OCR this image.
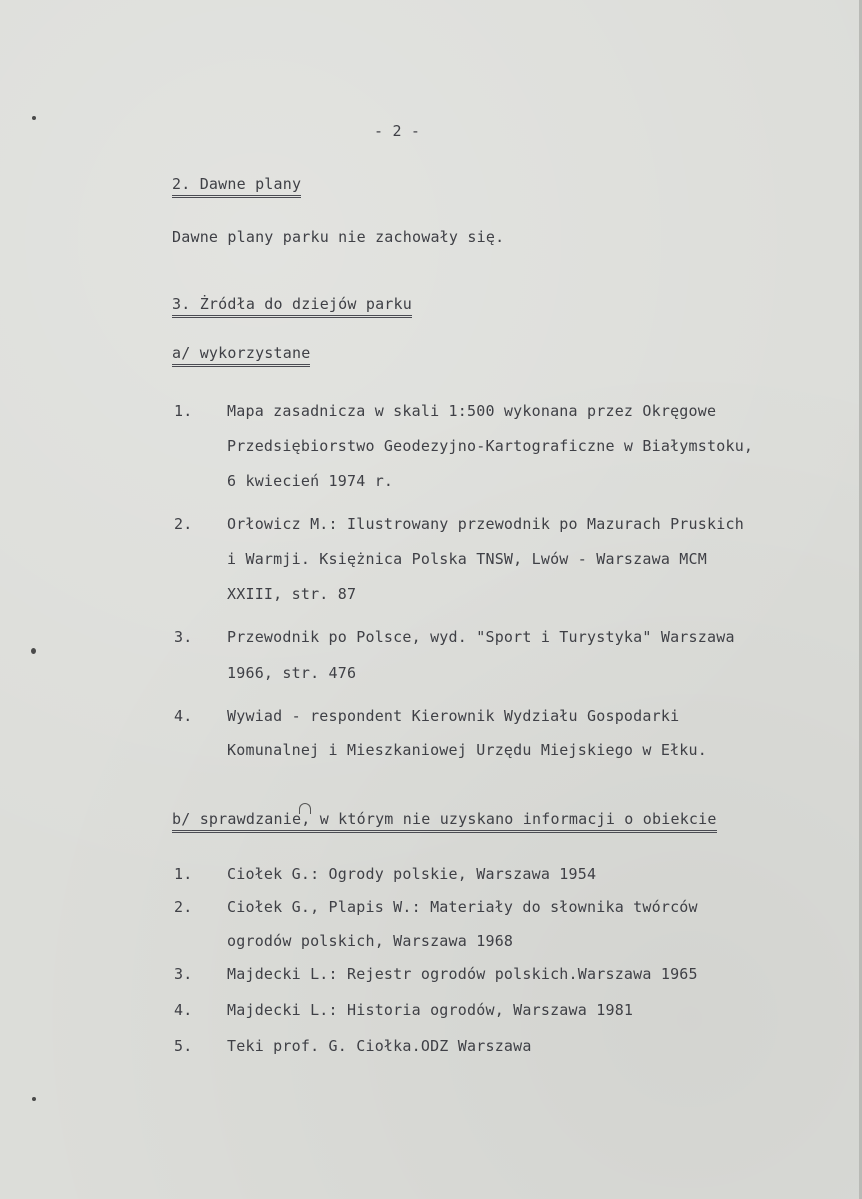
- 2 -
2. Dawne plany
Dawne plany parku nie zachowały się.
3. Żródła do dziejów parku
a/ wykorzystane
1. Mapa zasadnicza w skali 1:500 wykonana przez Okręgowe
Przedsiębiorstwo Geodezyjno-Kartograficzne w Białymstoku,
6 kwiecień 1974 r.
2. Orłowicz M.: Ilustrowany przewodnik po Mazurach Pruskich
i Warmji. Księżnica Polska TNSW, Lwów - Warszawa MCM
XXIII, str. 87
3. Przewodnik po Polsce, wyd. "Sport i Turystyka" Warszawa
1966, str. 476
4. Wywiad - respondent Kierownik Wydziału Gospodarki
Komunalnej i Mieszkaniowej Urzędu Miejskiego w Ełku.
b/ sprawdzanie, w którym nie uzyskano informacji o obiekcie
1. Ciołek G.: Ogrody polskie, Warszawa 1954
2. Ciołek G., Plapis W.: Materiały do słownika twórców
ogrodów polskich, Warszawa 1968
3. Majdecki L.: Rejestr ogrodów polskich.Warszawa 1965
4. Majdecki L.: Historia ogrodów, Warszawa 1981
5. Teki prof. G. Ciołka.ODZ Warszawa
